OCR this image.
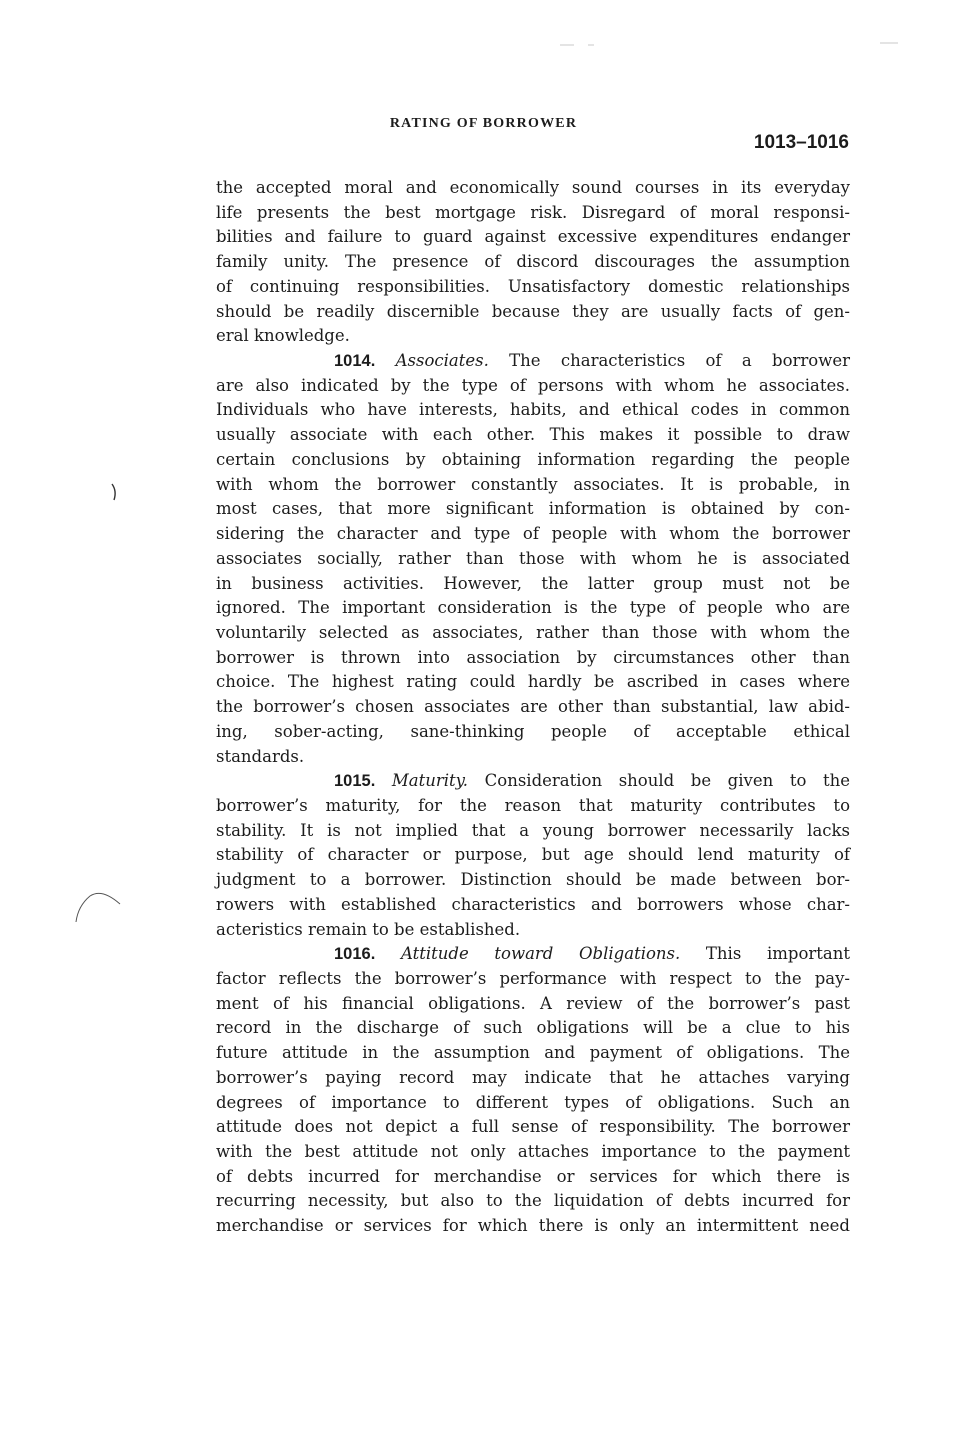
RATING OF BORROWER
1013–1016
the accepted moral and economically sound courses in its everyday
life presents the best mortgage risk. Disregard of moral responsi-
bilities and failure to guard against excessive expenditures endanger
family unity. The presence of discord discourages the assumption
of continuing responsibilities. Unsatisfactory domestic relationships
should be readily discernible because they are usually facts of gen-
eral knowledge.
1014. Associates. The characteristics of a borrower
are also indicated by the type of persons with whom he associates.
Individuals who have interests, habits, and ethical codes in common
usually associate with each other. This makes it possible to draw
certain conclusions by obtaining information regarding the people
with whom the borrower constantly associates. It is probable, in
most cases, that more significant information is obtained by con-
sidering the character and type of people with whom the borrower
associates socially, rather than those with whom he is associated
in business activities. However, the latter group must not be
ignored. The important consideration is the type of people who are
voluntarily selected as associates, rather than those with whom the
borrower is thrown into association by circumstances other than
choice. The highest rating could hardly be ascribed in cases where
the borrower’s chosen associates are other than substantial, law abid-
ing, sober-acting, sane-thinking people of acceptable ethical
standards.
1015. Maturity. Consideration should be given to the
borrower’s maturity, for the reason that maturity contributes to
stability. It is not implied that a young borrower necessarily lacks
stability of character or purpose, but age should lend maturity of
judgment to a borrower. Distinction should be made between bor-
rowers with established characteristics and borrowers whose char-
acteristics remain to be established.
1016. Attitude toward Obligations. This important
factor reflects the borrower’s performance with respect to the pay-
ment of his financial obligations. A review of the borrower’s past
record in the discharge of such obligations will be a clue to his
future attitude in the assumption and payment of obligations. The
borrower’s paying record may indicate that he attaches varying
degrees of importance to different types of obligations. Such an
attitude does not depict a full sense of responsibility. The borrower
with the best attitude not only attaches importance to the payment
of debts incurred for merchandise or services for which there is
recurring necessity, but also to the liquidation of debts incurred for
merchandise or services for which there is only an intermittent need
